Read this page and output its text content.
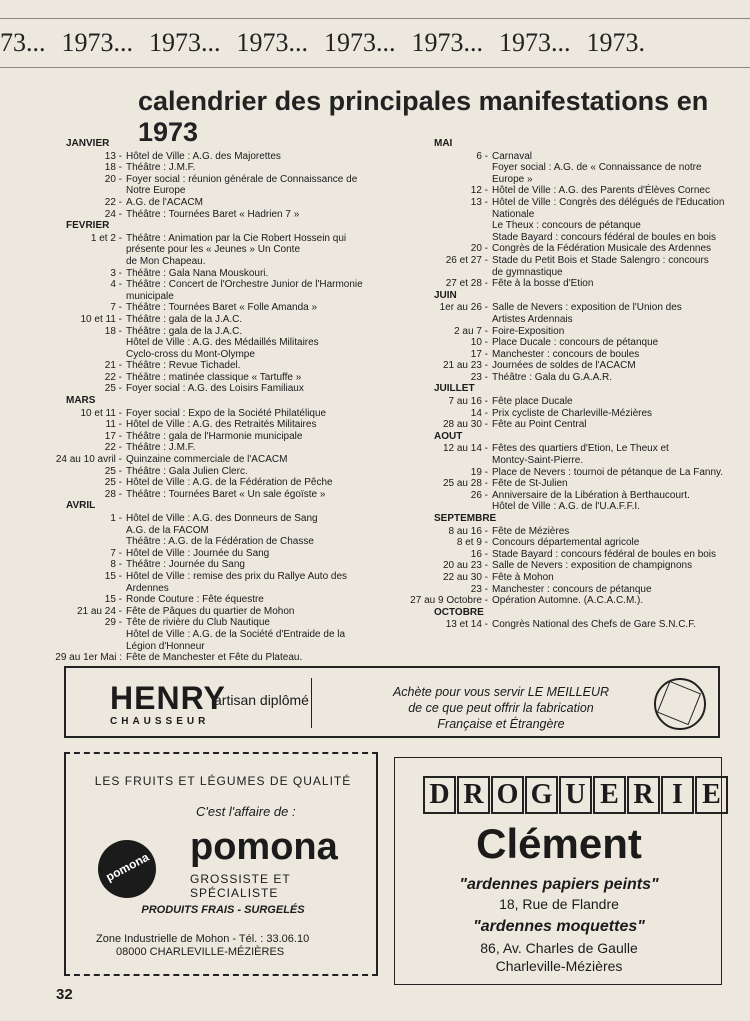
73... 1973... 1973... 1973... 1973... 1973... 1973... 1973.
calendrier des principales manifestations en 1973
JANVIER
13 - Hôtel de Ville : A.G. des Majorettes
18 - Théâtre : J.M.F.
20 - Foyer social : réunion générale de Connaissance de
Notre Europe
22 - A.G. de l'ACACM
24 - Théâtre : Tournées Baret « Hadrien 7 »
FEVRIER
1 et 2 - Théâtre : Animation par la Cie Robert Hossein qui
présente pour les « Jeunes » Un Conte
de Mon Chapeau.
3 - Théâtre : Gala Nana Mouskouri.
4 - Théâtre : Concert de l'Orchestre Junior de l'Harmonie
municipale
7 - Théâtre : Tournées Baret « Folle Amanda »
10 et 11 - Théâtre : gala de la J.A.C.
18 - Théâtre : gala de la J.A.C.
Hôtel de Ville : A.G. des Médaillés Militaires
Cyclo-cross du Mont-Olympe
21 - Théâtre : Revue Tichadel.
22 - Théâtre : matinée classique « Tartuffe »
25 - Foyer social : A.G. des Loisirs Familiaux
MARS
10 et 11 - Foyer social : Expo de la Société Philatélique
11 - Hôtel de Ville : A.G. des Retraités Militaires
17 - Théâtre : gala de l'Harmonie municipale
22 - Théâtre : J.M.F.
24 au 10 avril - Quinzaine commerciale de l'ACACM
25 - Théâtre : Gala Julien Clerc.
25 - Hôtel de Ville : A.G. de la Fédération de Pêche
28 - Théâtre : Tournées Baret « Un sale égoïste »
AVRIL
1 - Hôtel de Ville : A.G. des Donneurs de Sang
A.G. de la FACOM
Théâtre : A.G. de la Fédération de Chasse
7 - Hôtel de Ville : Journée du Sang
8 - Théâtre : Journée du Sang
15 - Hôtel de Ville : remise des prix du Rallye Auto des
Ardennes
15 - Ronde Couture : Fête équestre
21 au 24 - Fête de Pâques du quartier de Mohon
29 - Tête de rivière du Club Nautique
Hôtel de Ville : A.G. de la Société d'Entraide de la
Légion d'Honneur
29 au 1er Mai : Fête de Manchester et Fête du Plateau.
MAI
6 - Carnaval
Foyer social : A.G. de « Connaissance de notre
Europe »
12 - Hôtel de Ville : A.G. des Parents d'Élèves Cornec
13 - Hôtel de Ville : Congrès des délégués de l'Education
Nationale
Le Theux : concours de pétanque
Stade Bayard : concours fédéral de boules en bois
20 - Congrès de la Fédération Musicale des Ardennes
26 et 27 - Stade du Petit Bois et Stade Salengro : concours
de gymnastique
27 et 28 - Fête à la bosse d'Etion
JUIN
1er au 26 - Salle de Nevers : exposition de l'Union des
Artistes Ardennais
2 au 7 - Foire-Exposition
10 - Place Ducale : concours de pétanque
17 - Manchester : concours de boules
21 au 23 - Journées de soldes de l'ACACM
23 - Théâtre : Gala du G.A.A.R.
JUILLET
7 au 16 - Fête place Ducale
14 - Prix cycliste de Charleville-Mézières
28 au 30 - Fête au Point Central
AOUT
12 au 14 - Fêtes des quartiers d'Etion, Le Theux et
Montcy-Saint-Pierre.
19 - Place de Nevers : tournoi de pétanque de La Fanny.
25 au 28 - Fête de St-Julien
26 - Anniversaire de la Libération à Berthaucourt.
Hôtel de Ville : A.G. de l'U.A.F.F.I.
SEPTEMBRE
8 au 16 - Fête de Mézières
8 et 9 - Concours départemental agricole
16 - Stade Bayard : concours fédéral de boules en bois
20 au 23 - Salle de Nevers : exposition de champignons
22 au 30 - Fête à Mohon
23 - Manchester : concours de pétanque
27 au 9 Octobre - Opération Automne. (A.C.A.C.M.).
OCTOBRE
13 et 14 - Congrès National des Chefs de Gare S.N.C.F.
HENRY
artisan diplômé
CHAUSSEUR
Achète pour vous servir LE MEILLEUR
de ce que peut offrir la fabrication
Française et Étrangère
LES FRUITS ET LÉGUMES DE QUALITÉ
C'est l'affaire de :
pomona pomona
GROSSISTE ET SPÉCIALISTE
PRODUITS FRAIS - SURGELÉS
Zone Industrielle de Mohon - Tél. : 33.06.10
08000 CHARLEVILLE-MÉZIÈRES
D R O G U E R I E
Clément
"ardennes papiers peints"
18, Rue de Flandre
"ardennes moquettes"
86, Av. Charles de Gaulle
Charleville-Mézières
32
